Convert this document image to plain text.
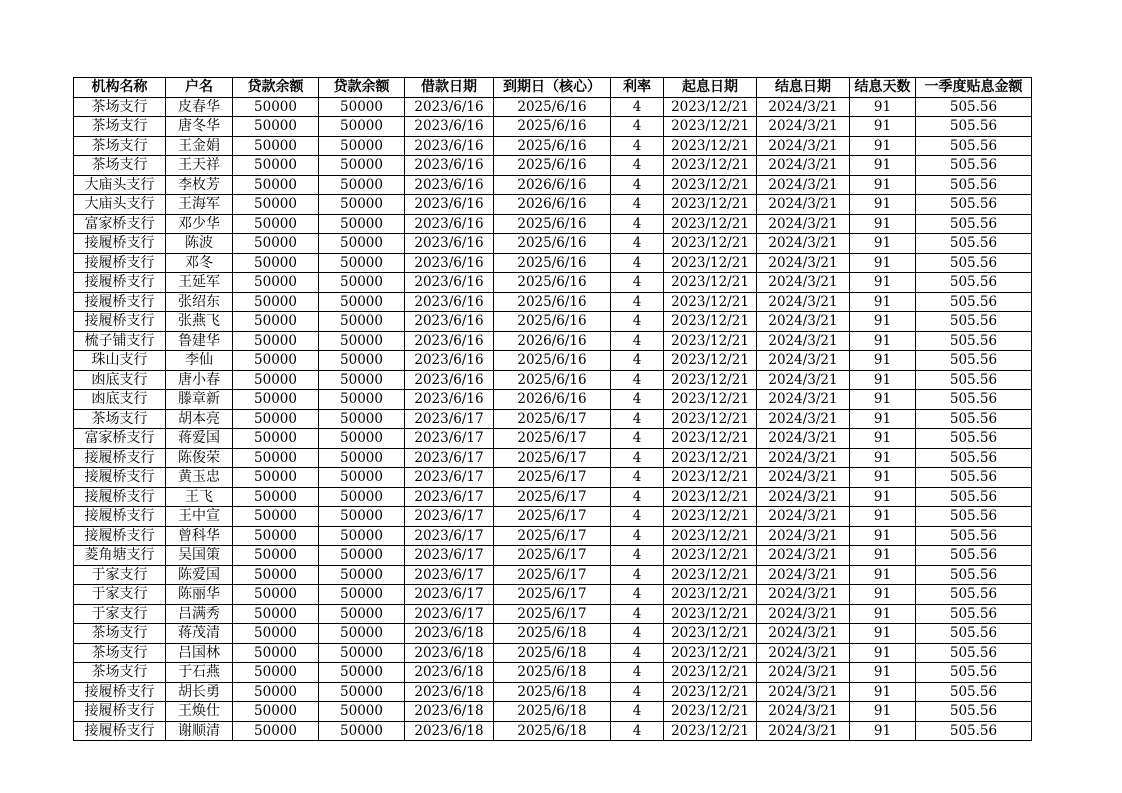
机构名称	户名	贷款余额	贷款余额	借款日期	到期日（核心）	利率	起息日期	结息日期	结息天数	一季度贴息金额
茶场支行	皮春华	50000	50000	2023/6/16	2025/6/16	4	2023/12/21	2024/3/21	91	505.56
茶场支行	唐冬华	50000	50000	2023/6/16	2025/6/16	4	2023/12/21	2024/3/21	91	505.56
茶场支行	王金娟	50000	50000	2023/6/16	2025/6/16	4	2023/12/21	2024/3/21	91	505.56
茶场支行	王天祥	50000	50000	2023/6/16	2025/6/16	4	2023/12/21	2024/3/21	91	505.56
大庙头支行	李枚芳	50000	50000	2023/6/16	2026/6/16	4	2023/12/21	2024/3/21	91	505.56
大庙头支行	王海军	50000	50000	2023/6/16	2026/6/16	4	2023/12/21	2024/3/21	91	505.56
富家桥支行	邓少华	50000	50000	2023/6/16	2025/6/16	4	2023/12/21	2024/3/21	91	505.56
接履桥支行	陈波	50000	50000	2023/6/16	2025/6/16	4	2023/12/21	2024/3/21	91	505.56
接履桥支行	邓冬	50000	50000	2023/6/16	2025/6/16	4	2023/12/21	2024/3/21	91	505.56
接履桥支行	王延军	50000	50000	2023/6/16	2025/6/16	4	2023/12/21	2024/3/21	91	505.56
接履桥支行	张绍东	50000	50000	2023/6/16	2025/6/16	4	2023/12/21	2024/3/21	91	505.56
接履桥支行	张燕飞	50000	50000	2023/6/16	2025/6/16	4	2023/12/21	2024/3/21	91	505.56
梳子铺支行	鲁建华	50000	50000	2023/6/16	2026/6/16	4	2023/12/21	2024/3/21	91	505.56
珠山支行	李仙	50000	50000	2023/6/16	2025/6/16	4	2023/12/21	2024/3/21	91	505.56
凼底支行	唐小春	50000	50000	2023/6/16	2025/6/16	4	2023/12/21	2024/3/21	91	505.56
凼底支行	滕章新	50000	50000	2023/6/16	2026/6/16	4	2023/12/21	2024/3/21	91	505.56
茶场支行	胡本亮	50000	50000	2023/6/17	2025/6/17	4	2023/12/21	2024/3/21	91	505.56
富家桥支行	蒋爱国	50000	50000	2023/6/17	2025/6/17	4	2023/12/21	2024/3/21	91	505.56
接履桥支行	陈俊荣	50000	50000	2023/6/17	2025/6/17	4	2023/12/21	2024/3/21	91	505.56
接履桥支行	黄玉忠	50000	50000	2023/6/17	2025/6/17	4	2023/12/21	2024/3/21	91	505.56
接履桥支行	王飞	50000	50000	2023/6/17	2025/6/17	4	2023/12/21	2024/3/21	91	505.56
接履桥支行	王中宣	50000	50000	2023/6/17	2025/6/17	4	2023/12/21	2024/3/21	91	505.56
接履桥支行	曾科华	50000	50000	2023/6/17	2025/6/17	4	2023/12/21	2024/3/21	91	505.56
菱角塘支行	吴国策	50000	50000	2023/6/17	2025/6/17	4	2023/12/21	2024/3/21	91	505.56
于家支行	陈爱国	50000	50000	2023/6/17	2025/6/17	4	2023/12/21	2024/3/21	91	505.56
于家支行	陈丽华	50000	50000	2023/6/17	2025/6/17	4	2023/12/21	2024/3/21	91	505.56
于家支行	吕满秀	50000	50000	2023/6/17	2025/6/17	4	2023/12/21	2024/3/21	91	505.56
茶场支行	蒋茂清	50000	50000	2023/6/18	2025/6/18	4	2023/12/21	2024/3/21	91	505.56
茶场支行	吕国林	50000	50000	2023/6/18	2025/6/18	4	2023/12/21	2024/3/21	91	505.56
茶场支行	于石燕	50000	50000	2023/6/18	2025/6/18	4	2023/12/21	2024/3/21	91	505.56
接履桥支行	胡长勇	50000	50000	2023/6/18	2025/6/18	4	2023/12/21	2024/3/21	91	505.56
接履桥支行	王焕仕	50000	50000	2023/6/18	2025/6/18	4	2023/12/21	2024/3/21	91	505.56
接履桥支行	谢顺清	50000	50000	2023/6/18	2025/6/18	4	2023/12/21	2024/3/21	91	505.56
